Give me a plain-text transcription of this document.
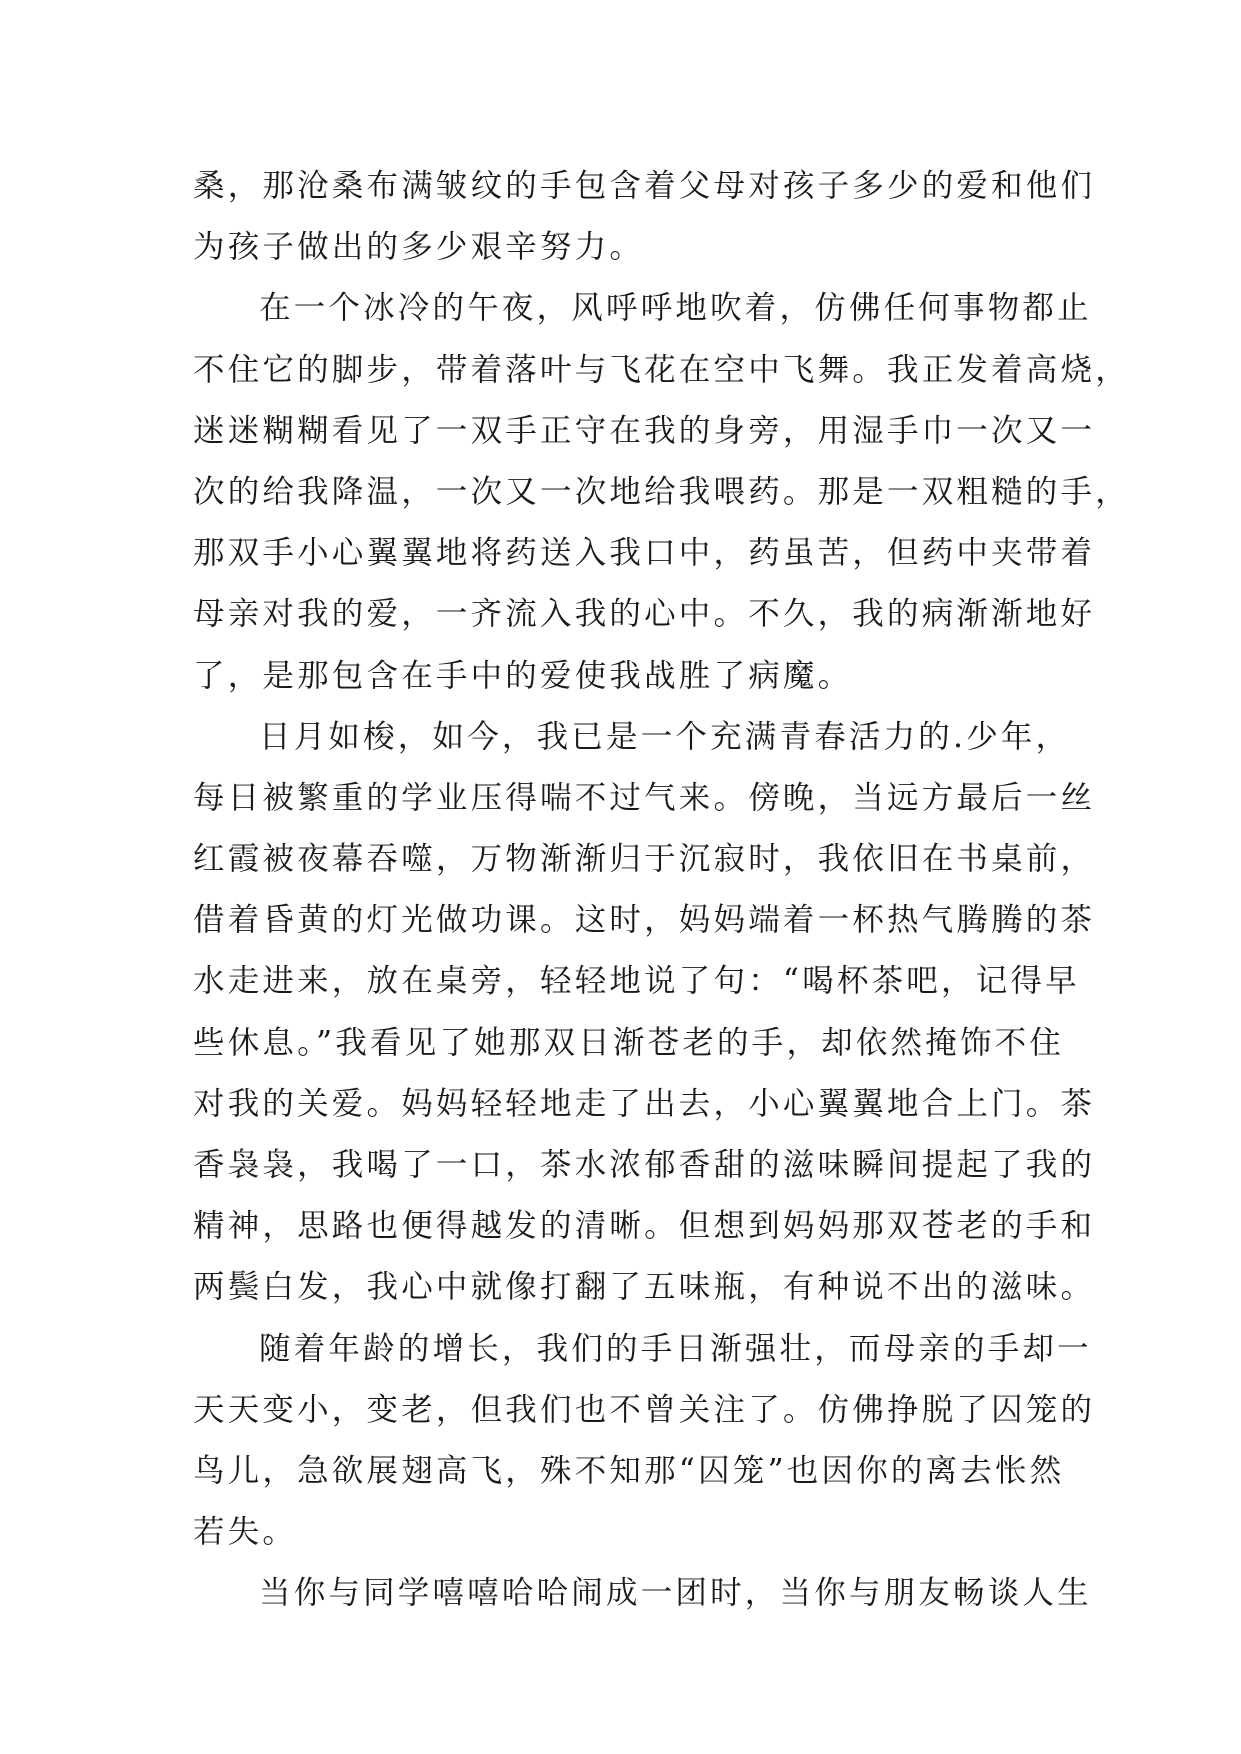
桑，那沧桑布满皱纹的手包含着父母对孩子多少的爱和他们
为孩子做出的多少艰辛努力。
在一个冰冷的午夜，风呼呼地吹着，仿佛任何事物都止
不住它的脚步，带着落叶与飞花在空中飞舞。我正发着高烧，
迷迷糊糊看见了一双手正守在我的身旁，用湿手巾一次又一
次的给我降温，一次又一次地给我喂药。那是一双粗糙的手，
那双手小心翼翼地将药送入我口中，药虽苦，但药中夹带着
母亲对我的爱，一齐流入我的心中。不久，我的病渐渐地好
了，是那包含在手中的爱使我战胜了病魔。
日月如梭，如今，我已是一个充满青春活力的.少年，
每日被繁重的学业压得喘不过气来。傍晚，当远方最后一丝
红霞被夜幕吞噬，万物渐渐归于沉寂时，我依旧在书桌前，
借着昏黄的灯光做功课。这时，妈妈端着一杯热气腾腾的茶
水走进来，放在桌旁，轻轻地说了句：“喝杯茶吧，记得早
些休息。”我看见了她那双日渐苍老的手，却依然掩饰不住
对我的关爱。妈妈轻轻地走了出去，小心翼翼地合上门。茶
香袅袅，我喝了一口，茶水浓郁香甜的滋味瞬间提起了我的
精神，思路也便得越发的清晰。但想到妈妈那双苍老的手和
两鬓白发，我心中就像打翻了五味瓶，有种说不出的滋味。
随着年龄的增长，我们的手日渐强壮，而母亲的手却一
天天变小，变老，但我们也不曾关注了。仿佛挣脱了囚笼的
鸟儿，急欲展翅高飞，殊不知那“囚笼”也因你的离去怅然
若失。
当你与同学嘻嘻哈哈闹成一团时，当你与朋友畅谈人生
